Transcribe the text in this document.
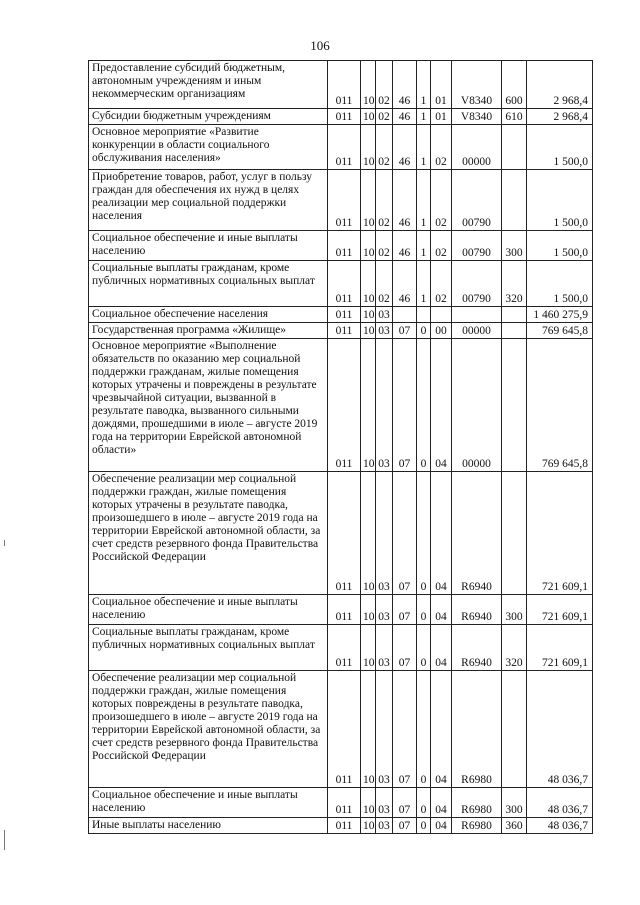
106
Предоставление субсидий бюджетным, автономным учреждениям и иным некоммерческим организациям	011	10	02	46	1	01	V8340	600	2 968,4
Субсидии бюджетным учреждениям	011	10	02	46	1	01	V8340	610	2 968,4
Основное мероприятие «Развитие конкуренции в области социального обслуживания населения»	011	10	02	46	1	02	00000		1 500,0
Приобретение товаров, работ, услуг в пользу граждан для обеспечения их нужд в целях реализации мер социальной поддержки населения	011	10	02	46	1	02	00790		1 500,0
Социальное обеспечение и иные выплаты населению	011	10	02	46	1	02	00790	300	1 500,0
Социальные выплаты гражданам, кроме публичных нормативных социальных выплат	011	10	02	46	1	02	00790	320	1 500,0
Социальное обеспечение населения	011	10	03						1 460 275,9
Государственная программа «Жилище»	011	10	03	07	0	00	00000		769 645,8
Основное мероприятие «Выполнение обязательств по оказанию мер социальной поддержки гражданам, жилые помещения которых утрачены и повреждены в результате чрезвычайной ситуации, вызванной в результате паводка, вызванного сильными дождями, прошедшими в июле – августе 2019 года на территории Еврейской автономной области»	011	10	03	07	0	04	00000		769 645,8
Обеспечение реализации мер социальной поддержки граждан, жилые помещения которых утрачены в результате паводка, произошедшего в июле – августе 2019 года на территории Еврейской автономной области, за счет средств резервного фонда Правительства Российской Федерации	011	10	03	07	0	04	R6940		721 609,1
Социальное обеспечение и иные выплаты населению	011	10	03	07	0	04	R6940	300	721 609,1
Социальные выплаты гражданам, кроме публичных нормативных социальных выплат	011	10	03	07	0	04	R6940	320	721 609,1
Обеспечение реализации мер социальной поддержки граждан, жилые помещения которых повреждены в результате паводка, произошедшего в июле – августе 2019 года на территории Еврейской автономной области, за счет средств резервного фонда Правительства Российской Федерации	011	10	03	07	0	04	R6980		48 036,7
Социальное обеспечение и иные выплаты населению	011	10	03	07	0	04	R6980	300	48 036,7
Иные выплаты населению	011	10	03	07	0	04	R6980	360	48 036,7
